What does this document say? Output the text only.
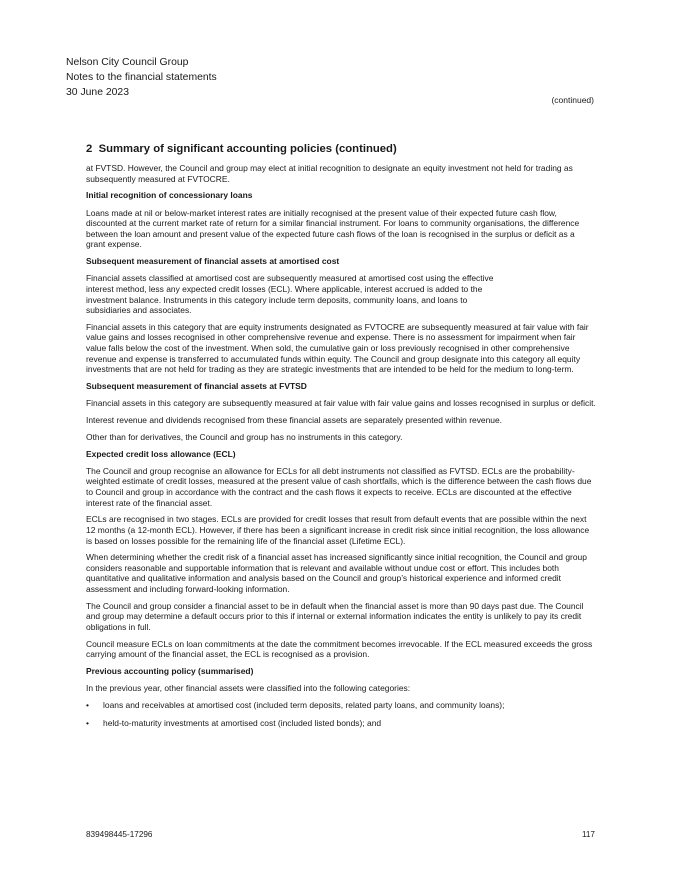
Nelson City Council Group
Notes to the financial statements
30 June 2023
(continued)
2 Summary of significant accounting policies (continued)

at FVTSD. However, the Council and group may elect at initial recognition to designate an equity investment not held for trading as subsequently measured at FVTOCRE.

Initial recognition of concessionary loans

Loans made at nil or below-market interest rates are initially recognised at the present value of their expected future cash flow, discounted at the current market rate of return for a similar financial instrument. For loans to community organisations, the difference between the loan amount and present value of the expected future cash flows of the loan is recognised in the surplus or deficit as a grant expense.

Subsequent measurement of financial assets at amortised cost

Financial assets classified at amortised cost are subsequently measured at amortised cost using the effective interest method, less any expected credit losses (ECL). Where applicable, interest accrued is added to the investment balance. Instruments in this category include term deposits, community loans, and loans to subsidiaries and associates.

Financial assets in this category that are equity instruments designated as FVTOCRE are subsequently measured at fair value with fair value gains and losses recognised in other comprehensive revenue and expense. There is no assessment for impairment when fair value falls below the cost of the investment. When sold, the cumulative gain or loss previously recognised in other comprehensive revenue and expense is transferred to accumulated funds within equity. The Council and group designate into this category all equity investments that are not held for trading as they are strategic investments that are intended to be held for the medium to long-term.

Subsequent measurement of financial assets at FVTSD

Financial assets in this category are subsequently measured at fair value with fair value gains and losses recognised in surplus or deficit.

Interest revenue and dividends recognised from these financial assets are separately presented within revenue.

Other than for derivatives, the Council and group has no instruments in this category.

Expected credit loss allowance (ECL)

The Council and group recognise an allowance for ECLs for all debt instruments not classified as FVTSD. ECLs are the probability-weighted estimate of credit losses, measured at the present value of cash shortfalls, which is the difference between the cash flows due to Council and group in accordance with the contract and the cash flows it expects to receive. ECLs are discounted at the effective interest rate of the financial asset.

ECLs are recognised in two stages. ECLs are provided for credit losses that result from default events that are possible within the next 12 months (a 12-month ECL). However, if there has been a significant increase in credit risk since initial recognition, the loss allowance is based on losses possible for the remaining life of the financial asset (Lifetime ECL).

When determining whether the credit risk of a financial asset has increased significantly since initial recognition, the Council and group considers reasonable and supportable information that is relevant and available without undue cost or effort. This includes both quantitative and qualitative information and analysis based on the Council and group’s historical experience and informed credit assessment and including forward-looking information.

The Council and group consider a financial asset to be in default when the financial asset is more than 90 days past due. The Council and group may determine a default occurs prior to this if internal or external information indicates the entity is unlikely to pay its credit obligations in full.

Council measure ECLs on loan commitments at the date the commitment becomes irrevocable. If the ECL measured exceeds the gross carrying amount of the financial asset, the ECL is recognised as a provision.

Previous accounting policy (summarised)

In the previous year, other financial assets were classified into the following categories:

• loans and receivables at amortised cost (included term deposits, related party loans, and community loans);
• held-to-maturity investments at amortised cost (included listed bonds); and
839498445-17296	117
